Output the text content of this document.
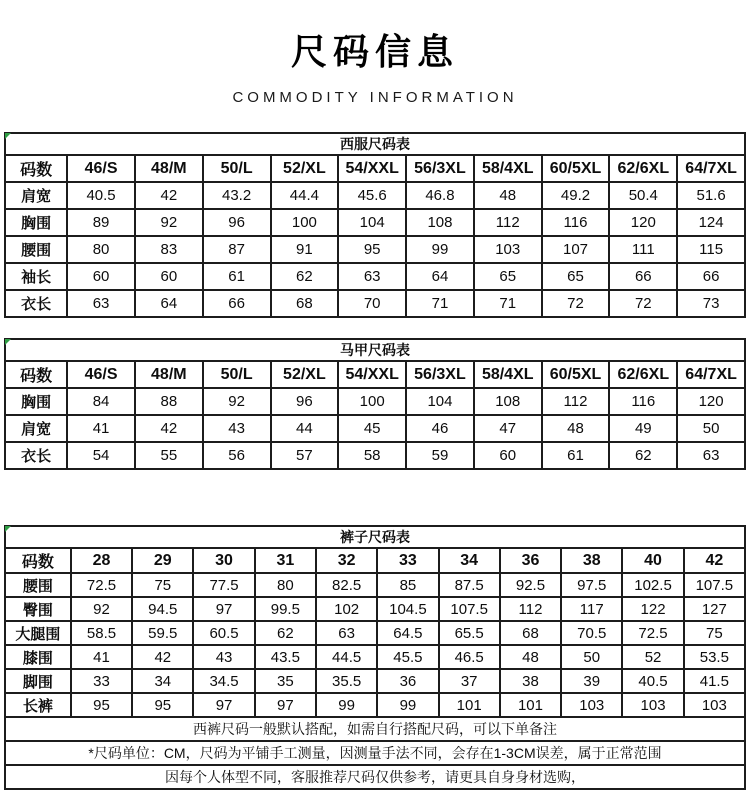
尺码信息
COMMODITY INFORMATION
西服尺码表										
码数	46/S	48/M	50/L	52/XL	54/XXL	56/3XL	58/4XL	60/5XL	62/6XL	64/7XL
肩宽	40.5	42	43.2	44.4	45.6	46.8	48	49.2	50.4	51.6
胸围	89	92	96	100	104	108	112	116	120	124
腰围	80	83	87	91	95	99	103	107	111	115
袖长	60	60	61	62	63	64	65	65	66	66
衣长	63	64	66	68	70	71	71	72	72	73
马甲尺码表										
码数	46/S	48/M	50/L	52/XL	54/XXL	56/3XL	58/4XL	60/5XL	62/6XL	64/7XL
胸围	84	88	92	96	100	104	108	112	116	120
肩宽	41	42	43	44	45	46	47	48	49	50
衣长	54	55	56	57	58	59	60	61	62	63
裤子尺码表											
码数	28	29	30	31	32	33	34	36	38	40	42
腰围	72.5	75	77.5	80	82.5	85	87.5	92.5	97.5	102.5	107.5
臀围	92	94.5	97	99.5	102	104.5	107.5	112	117	122	127
大腿围	58.5	59.5	60.5	62	63	64.5	65.5	68	70.5	72.5	75
膝围	41	42	43	43.5	44.5	45.5	46.5	48	50	52	53.5
脚围	33	34	34.5	35	35.5	36	37	38	39	40.5	41.5
长裤	95	95	97	97	99	99	101	101	103	103	103
西裤尺码一般默认搭配，如需自行搭配尺码，可以下单备注											
*尺码单位：CM，尺码为平铺手工测量，因测量手法不同，会存在1-3CM误差，属于正常范围											
因每个人体型不同，客服推荐尺码仅供参考，请更具自身身材选购，											
